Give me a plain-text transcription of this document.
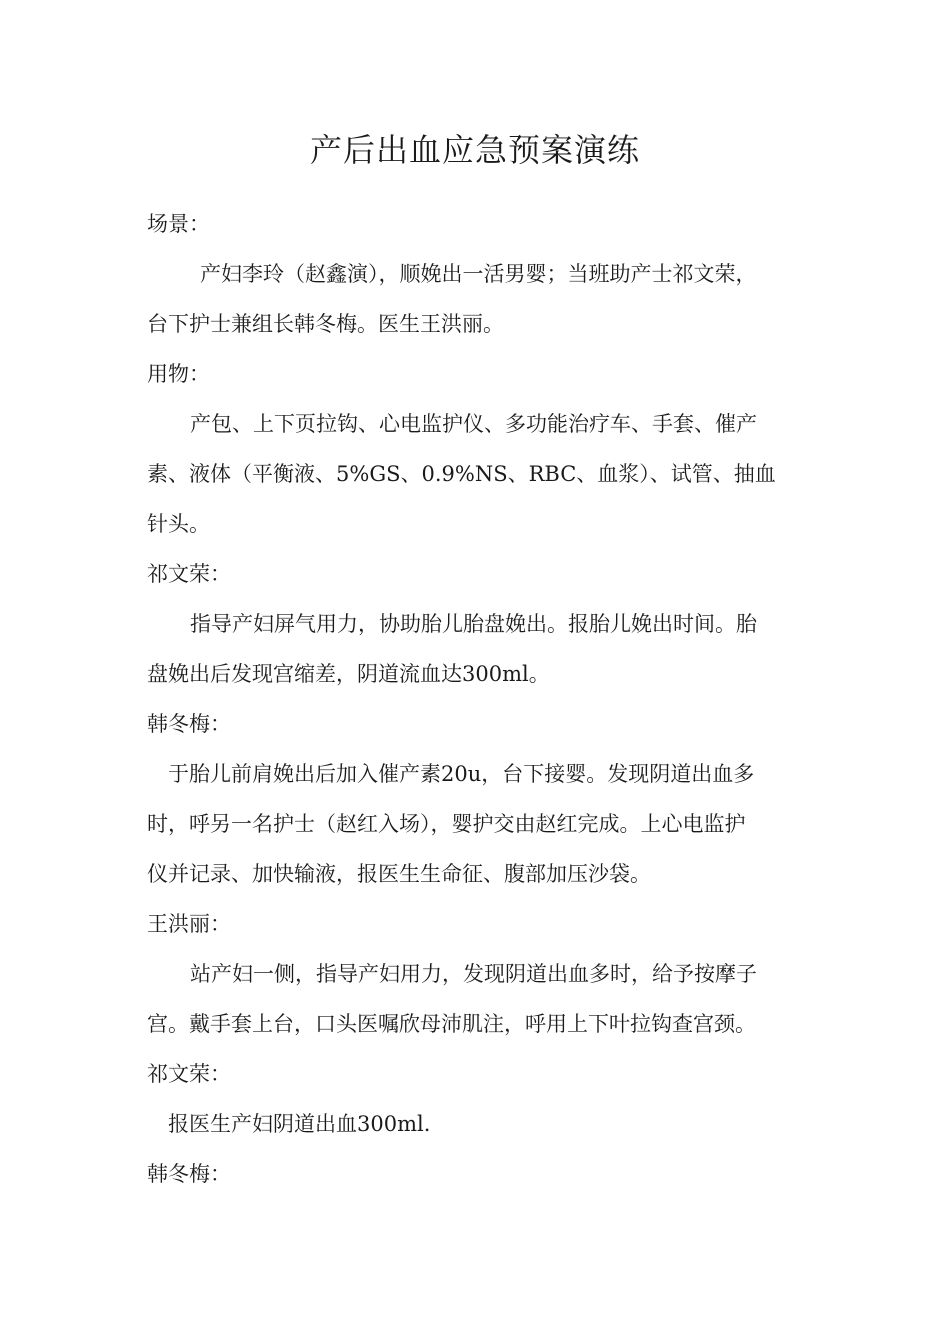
产后出血应急预案演练
场景：
产妇李玲（赵鑫演），顺娩出一活男婴；当班助产士祁文荣，
台下护士兼组长韩冬梅。医生王洪丽。
用物：
产包、上下页拉钩、心电监护仪、多功能治疗车、手套、催产
素、液体（平衡液、5%GS、0.9%NS、RBC、血浆）、试管、抽血
针头。
祁文荣：
指导产妇屏气用力，协助胎儿胎盘娩出。报胎儿娩出时间。胎
盘娩出后发现宫缩差，阴道流血达300ml。
韩冬梅：
于胎儿前肩娩出后加入催产素20u，台下接婴。发现阴道出血多
时，呼另一名护士（赵红入场），婴护交由赵红完成。上心电监护
仪并记录、加快输液，报医生生命征、腹部加压沙袋。
王洪丽：
站产妇一侧，指导产妇用力，发现阴道出血多时，给予按摩子
宫。戴手套上台，口头医嘱欣母沛肌注，呼用上下叶拉钩查宫颈。
祁文荣：
报医生产妇阴道出血300ml.
韩冬梅：
